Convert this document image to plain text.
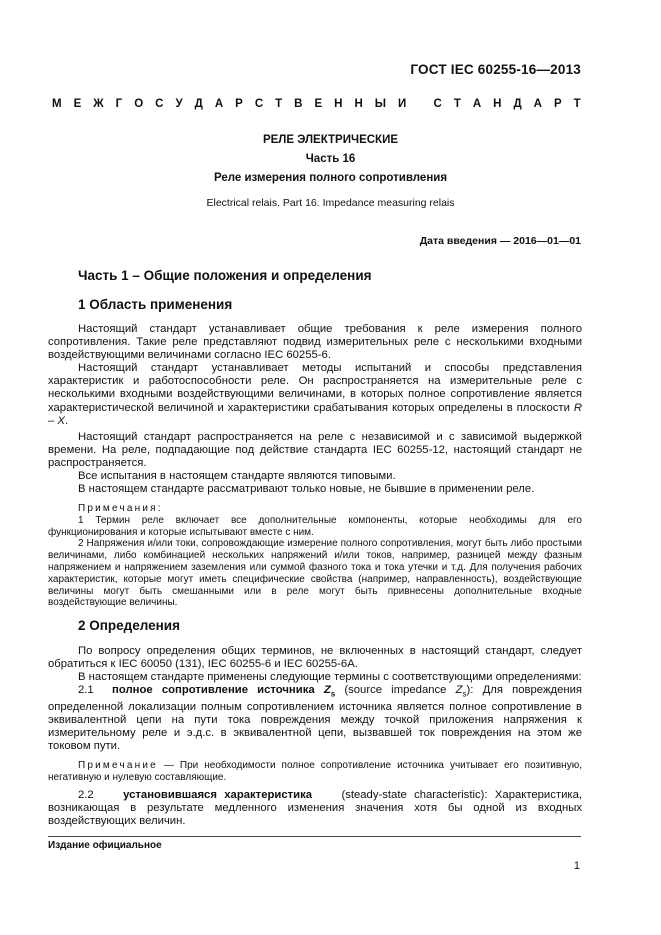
ГОСТ IEC 60255-16—2013
М Е Ж Г О С У Д А Р С Т В Е Н Н Ы Й
С Т А Н Д А Р Т
РЕЛЕ ЭЛЕКТРИЧЕСКИЕ
Часть 16
Реле измерения полного сопротивления
Electrical relais. Part 16. Impedance measuring relais
Дата введения — 2016—01—01
Часть 1 – Общие положения и определения
1 Область применения

Настоящий стандарт устанавливает общие требования к реле измерения полного сопротивления. Такие реле представляют подвид измерительных реле с несколькими входными воздействующими величинами согласно IEC 60255-6.

Настоящий стандарт устанавливает методы испытаний и способы представления характеристик и работоспособности реле. Он распространяется на измерительные реле с несколькими входными воздействующими величинами, в которых полное сопротивление является характеристической величиной и характеристики срабатывания которых определены в плоскости R – X.

Настоящий стандарт распространяется на реле с независимой и с зависимой выдержкой времени. На реле, подпадающие под действие стандарта IEC 60255-12, настоящий стандарт не распространяется.

Все испытания в настоящем стандарте являются типовыми.

В настоящем стандарте рассматривают только новые, не бывшие в применении реле.

Примечания:

1 Термин реле включает все дополнительные компоненты, которые необходимы для его функционирования и которые испытывают вместе с ним.

2 Напряжения и/или токи, сопровождающие измерение полного сопротивления, могут быть либо простыми величинами, либо комбинацией нескольких напряжений и/или токов, например, разницей между фазным напряжением и напряжением заземления или суммой фазного тока и тока утечки и т.д. Для получения рабочих характеристик, которые могут иметь специфические свойства (например, направленность), воздействующие величины могут быть смешанными или в реле могут быть привнесены дополнительные входные воздействующие величины.

2 Определения

По вопросу определения общих терминов, не включенных в настоящий стандарт, следует обратиться к IEC 60050 (131), IEC 60255-6 и IEC 60255-6A.

В настоящем стандарте применены следующие термины с соответствующими определениями:

2.1 полное сопротивление источника $Z_s$ (source impedance $Z_s$): Для повреждения определенной локализации полным сопротивлением источника является полное сопротивление в эквивалентной цепи на пути тока повреждения между точкой приложения напряжения к измерительному реле и э.д.с. в эквивалентной цепи, вызвавшей ток повреждения на этом же токовом пути.

Примечание — При необходимости полное сопротивление источника учитывает его позитивную, негативную и нулевую составляющие.

2.2	установившаяся характеристика	(steady-state characteristic): Характеристика, возникающая в результате медленного изменения значения хотя бы одной из входных воздействующих величин.

Издание официальное
1
